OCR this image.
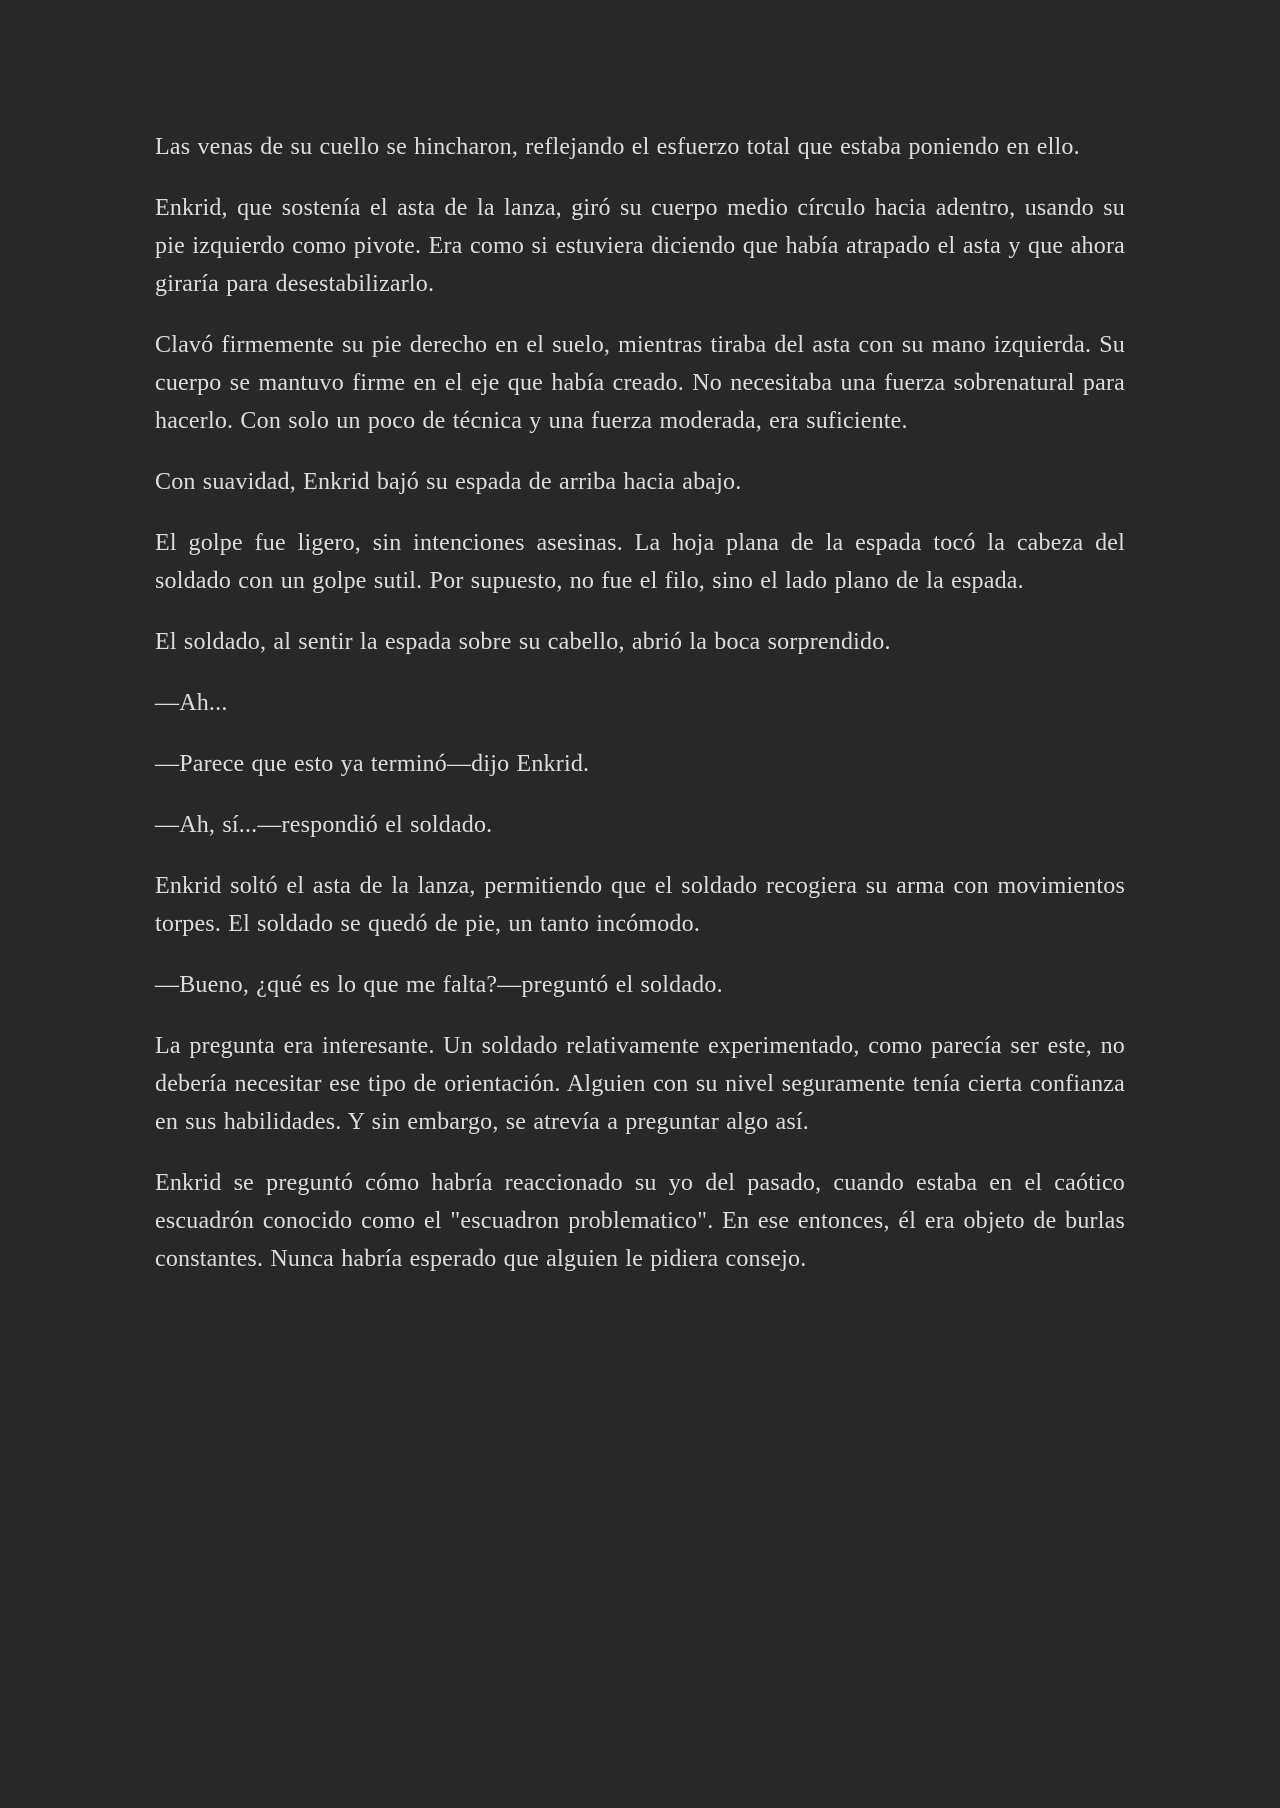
Las venas de su cuello se hincharon, reflejando el esfuerzo total que estaba poniendo en ello.

Enkrid, que sostenía el asta de la lanza, giró su cuerpo medio círculo hacia adentro, usando su pie izquierdo como pivote. Era como si estuviera diciendo que había atrapado el asta y que ahora giraría para desestabilizarlo.

Clavó firmemente su pie derecho en el suelo, mientras tiraba del asta con su mano izquierda. Su cuerpo se mantuvo firme en el eje que había creado. No necesitaba una fuerza sobrenatural para hacerlo. Con solo un poco de técnica y una fuerza moderada, era suficiente.

Con suavidad, Enkrid bajó su espada de arriba hacia abajo.

El golpe fue ligero, sin intenciones asesinas. La hoja plana de la espada tocó la cabeza del soldado con un golpe sutil. Por supuesto, no fue el filo, sino el lado plano de la espada.

El soldado, al sentir la espada sobre su cabello, abrió la boca sorprendido.

—Ah...

—Parece que esto ya terminó—dijo Enkrid.

—Ah, sí...—respondió el soldado.

Enkrid soltó el asta de la lanza, permitiendo que el soldado recogiera su arma con movimientos torpes. El soldado se quedó de pie, un tanto incómodo.

—Bueno, ¿qué es lo que me falta?—preguntó el soldado.

La pregunta era interesante. Un soldado relativamente experimentado, como parecía ser este, no debería necesitar ese tipo de orientación. Alguien con su nivel seguramente tenía cierta confianza en sus habilidades. Y sin embargo, se atrevía a preguntar algo así.

Enkrid se preguntó cómo habría reaccionado su yo del pasado, cuando estaba en el caótico escuadrón conocido como el "escuadron problematico". En ese entonces, él era objeto de burlas constantes. Nunca habría esperado que alguien le pidiera consejo.
